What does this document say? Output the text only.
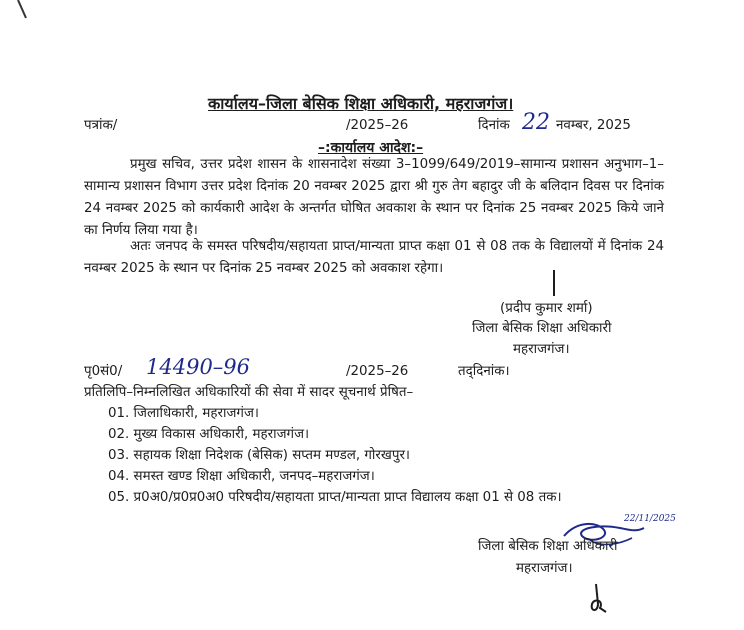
कार्यालय–जिला बेसिक शिक्षा अधिकारी, महराजगंज।
पत्रांक/	/2025–26	दिनांक 22 नवम्बर, 2025
–:कार्यालय आदेश:–
प्रमुख सचिव, उत्तर प्रदेश शासन के शासनादेश संख्या 3–1099/649/2019–सामान्य प्रशासन अनुभाग–1–सामान्य प्रशासन विभाग उत्तर प्रदेश दिनांक 20 नवम्बर 2025 द्वारा श्री गुरु तेग बहादुर जी के बलिदान दिवस पर दिनांक 24 नवम्बर 2025 को कार्यकारी आदेश के अन्तर्गत घोषित अवकाश के स्थान पर दिनांक 25 नवम्बर 2025 किये जाने का निर्णय लिया गया है।
अतः जनपद के समस्त परिषदीय/सहायता प्राप्त/मान्यता प्राप्त कक्षा 01 से 08 तक के विद्यालयों में दिनांक 24 नवम्बर 2025 के स्थान पर दिनांक 25 नवम्बर 2025 को अवकाश रहेगा।
(प्रदीप कुमार शर्मा)
जिला बेसिक शिक्षा अधिकारी
महराजगंज।
पृ0सं0/ 14490–96	/2025–26	तद्‌दिनांक।
प्रतिलिपि–निम्नलिखित अधिकारियों की सेवा में सादर सूचनार्थ प्रेषित–
01. जिलाधिकारी, महराजगंज।
02. मुख्य विकास अधिकारी, महराजगंज।
03. सहायक शिक्षा निदेशक (बेसिक) सप्तम मण्डल, गोरखपुर।
04. समस्त खण्ड शिक्षा अधिकारी, जनपद–महराजगंज।
05. प्र0अ0/प्र0प्र0अ0 परिषदीय/सहायता प्राप्त/मान्यता प्राप्त विद्यालय कक्षा 01 से 08 तक।
22/11/2025
जिला बेसिक शिक्षा अधिकारी
महराजगंज।
